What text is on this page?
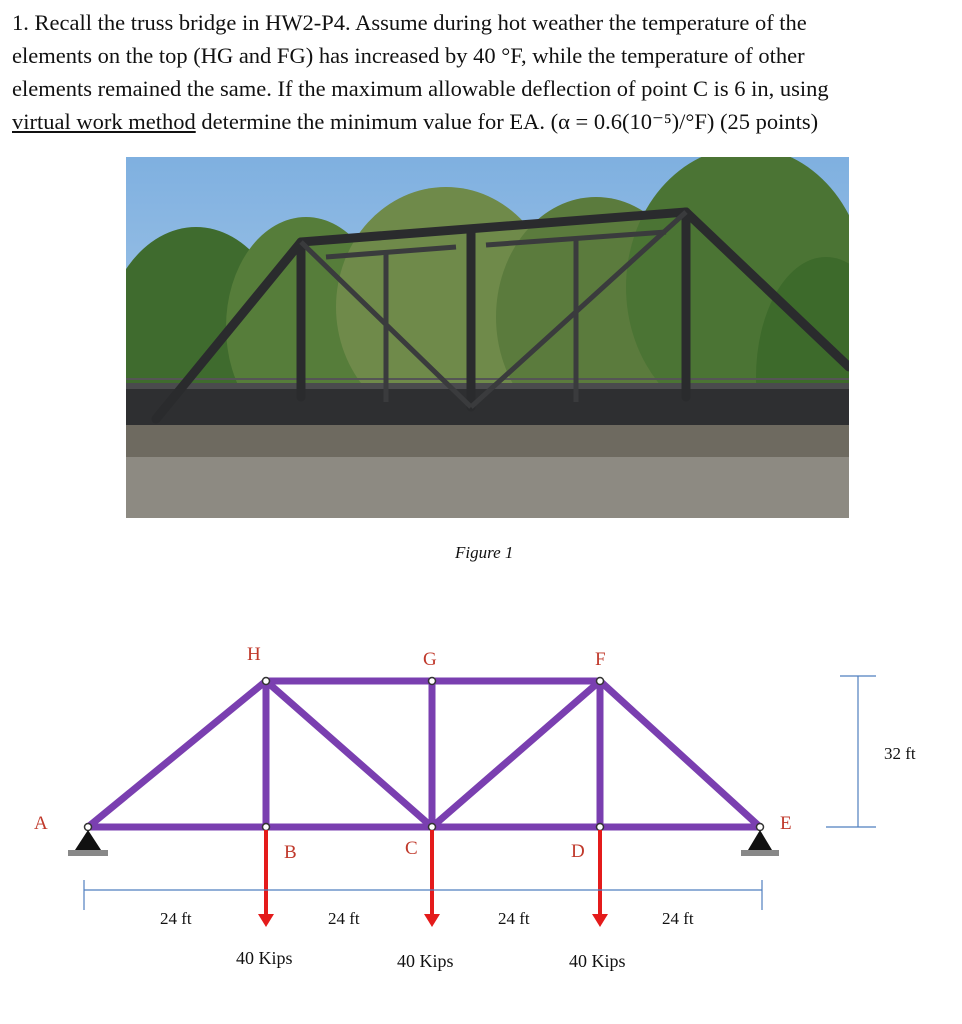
1. Recall the truss bridge in HW2-P4. Assume during hot weather the temperature of the

elements on the top (HG and FG) has increased by 40 °F, while the temperature of other

elements remained the same. If the maximum allowable deflection of point C is 6 in, using

virtual work method determine the minimum value for EA. (α = 0.6(10⁻⁵)/°F) (25 points)

Figure 1
A
B	C	D
E
F
G
H
40 Kips	40 Kips	40 Kips
24 ft	24 ft	24 ft	24 ft
32 ft
